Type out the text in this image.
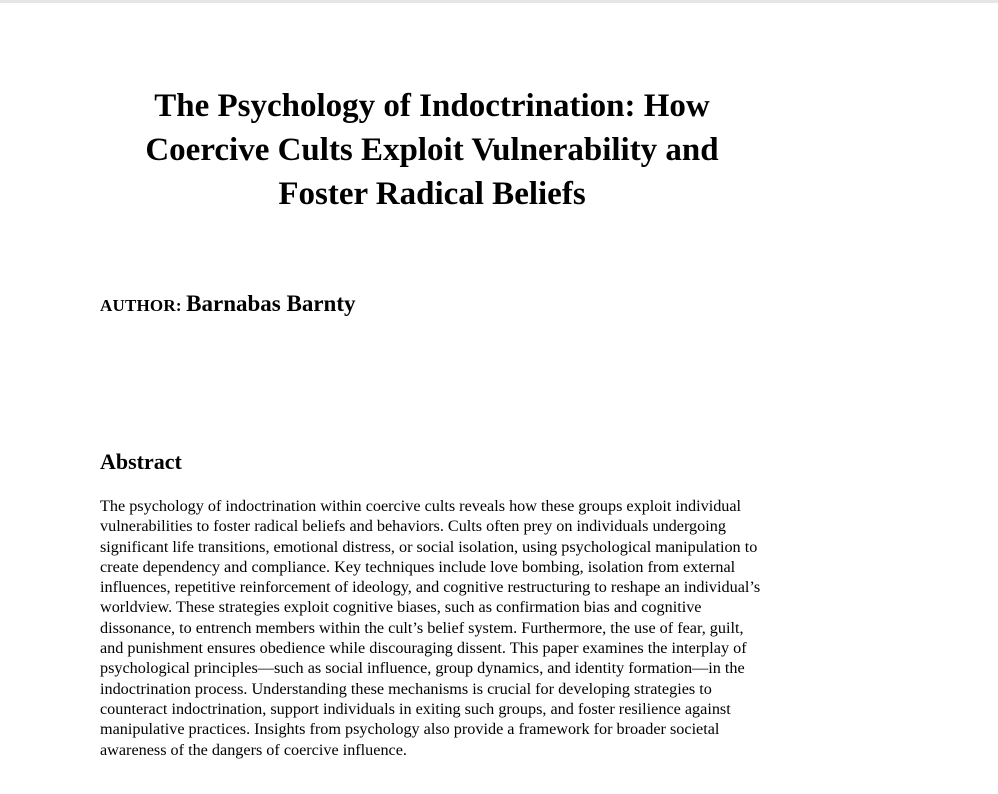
The Psychology of Indoctrination: How Coercive Cults Exploit Vulnerability and Foster Radical Beliefs

AUTHOR: Barnabas Barnty

Abstract

The psychology of indoctrination within coercive cults reveals how these groups exploit individual vulnerabilities to foster radical beliefs and behaviors. Cults often prey on individuals undergoing significant life transitions, emotional distress, or social isolation, using psychological manipulation to create dependency and compliance. Key techniques include love bombing, isolation from external influences, repetitive reinforcement of ideology, and cognitive restructuring to reshape an individual’s worldview. These strategies exploit cognitive biases, such as confirmation bias and cognitive dissonance, to entrench members within the cult’s belief system. Furthermore, the use of fear, guilt, and punishment ensures obedience while discouraging dissent. This paper examines the interplay of psychological principles—such as social influence, group dynamics, and identity formation—in the indoctrination process. Understanding these mechanisms is crucial for developing strategies to counteract indoctrination, support individuals in exiting such groups, and foster resilience against manipulative practices. Insights from psychology also provide a framework for broader societal awareness of the dangers of coercive influence.
